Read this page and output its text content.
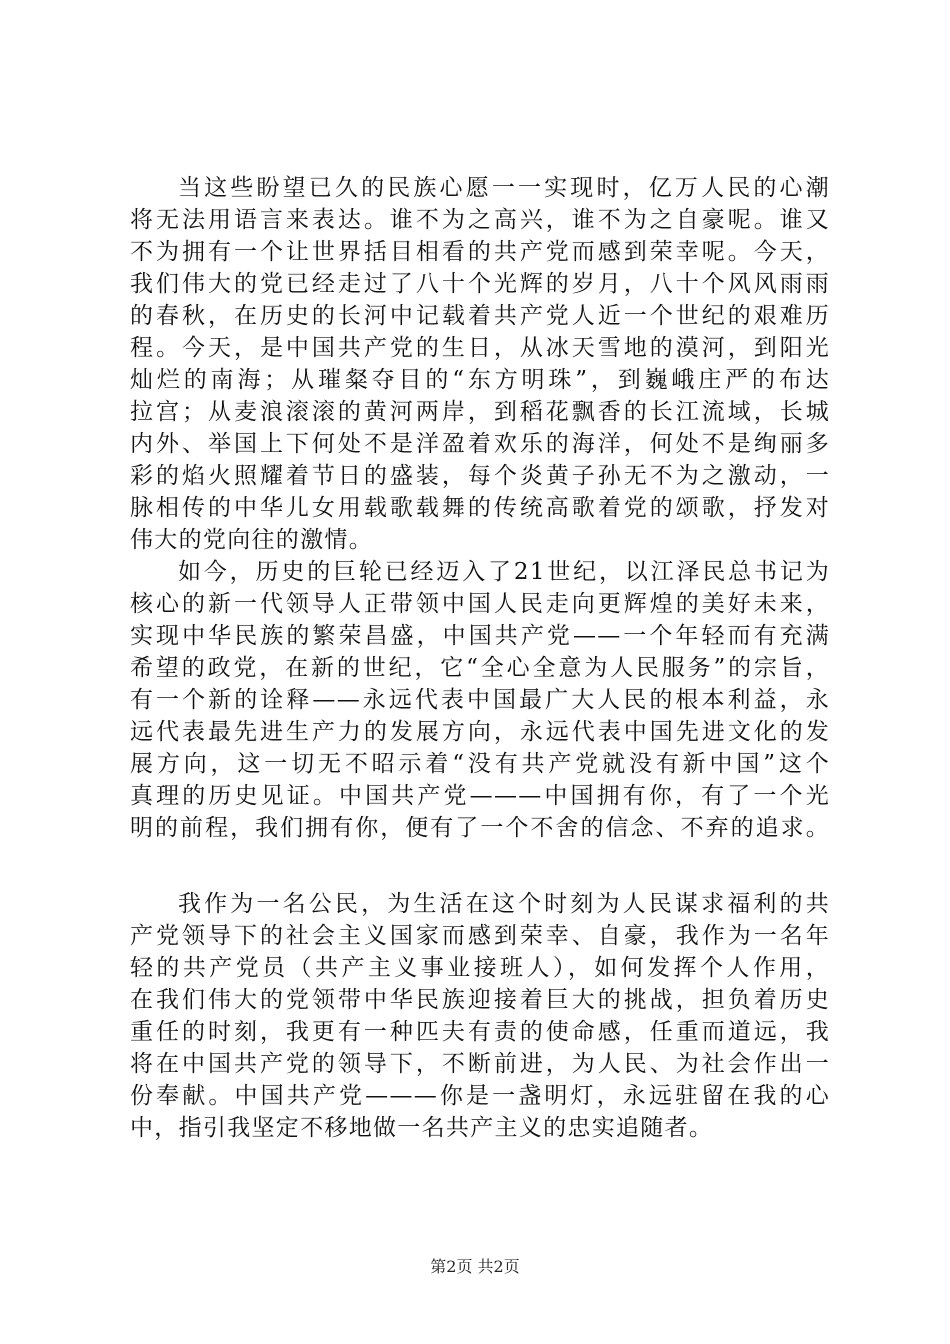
当这些盼望已久的民族心愿一一实现时，亿万人民的心潮
将无法用语言来表达。谁不为之高兴，谁不为之自豪呢。谁又
不为拥有一个让世界括目相看的共产党而感到荣幸呢。今天，
我们伟大的党已经走过了八十个光辉的岁月，八十个风风雨雨
的春秋，在历史的长河中记载着共产党人近一个世纪的艰难历
程。今天，是中国共产党的生日，从冰天雪地的漠河，到阳光
灿烂的南海；从璀粲夺目的“东方明珠”，到巍峨庄严的布达
拉宫；从麦浪滚滚的黄河两岸，到稻花飘香的长江流域，长城
内外、举国上下何处不是洋盈着欢乐的海洋，何处不是绚丽多
彩的焰火照耀着节日的盛装，每个炎黄子孙无不为之激动，一
脉相传的中华儿女用载歌载舞的传统高歌着党的颂歌，抒发对
伟大的党向往的激情。
如今，历史的巨轮已经迈入了21世纪，以江泽民总书记为
核心的新一代领导人正带领中国人民走向更辉煌的美好未来，
实现中华民族的繁荣昌盛，中国共产党——一个年轻而有充满
希望的政党，在新的世纪，它“全心全意为人民服务”的宗旨，
有一个新的诠释——永远代表中国最广大人民的根本利益，永
远代表最先进生产力的发展方向，永远代表中国先进文化的发
展方向，这一切无不昭示着“没有共产党就没有新中国”这个
真理的历史见证。中国共产党———中国拥有你，有了一个光
明的前程，我们拥有你，便有了一个不舍的信念、不弃的追求。
我作为一名公民，为生活在这个时刻为人民谋求福利的共
产党领导下的社会主义国家而感到荣幸、自豪，我作为一名年
轻的共产党员（共产主义事业接班人），如何发挥个人作用，
在我们伟大的党领带中华民族迎接着巨大的挑战，担负着历史
重任的时刻，我更有一种匹夫有责的使命感，任重而道远，我
将在中国共产党的领导下，不断前进，为人民、为社会作出一
份奉献。中国共产党———你是一盏明灯，永远驻留在我的心
中，指引我坚定不移地做一名共产主义的忠实追随者。
第2页 共2页
